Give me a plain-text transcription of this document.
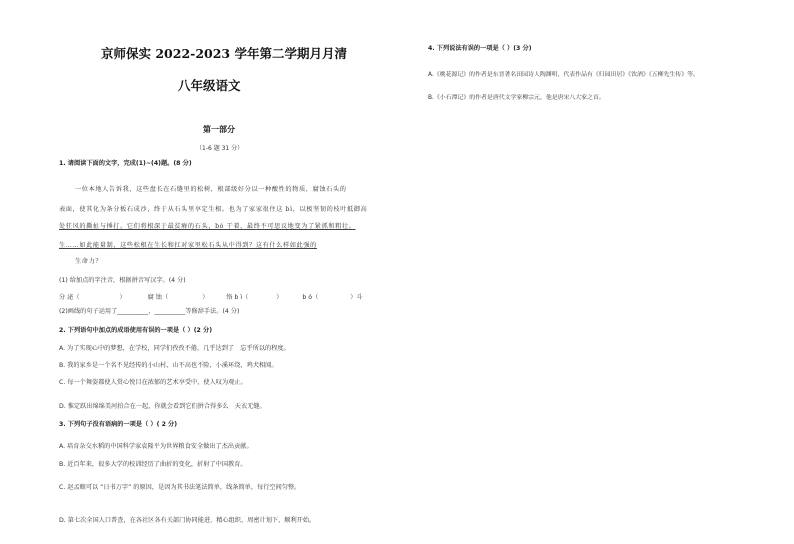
京师保实 2022-2023 学年第二学期月月清
八年级语文
第一部分
（1-6 题 31 分）
1. 请阅读下面的文字，完成(1)~(4)题。(8 分)
一位本地人告诉我，这些盘长在石缝里的松树，根部级好分以一种酸性的物质，腐蚀石头的
表面，使其化为条分板石成沙，终于从石头里享定生根。也为了家家很住这 bì，以极坚韧的枝叶抵御高
处狂风的撕扯与捶打。它们将根深于最贫瘠的石头，bó 干着，最终不可思议地变为了紧抓和粗壮。
生……如此能量制，这些松根在生长和扛对家里松石头从中得到？这有什么样如此强的
生命力？
(1) 给加点的字注音，根据拼音写汉字。(4 分)
分 泌（	）	腐 蚀（	）	络 b ì（	）	b ó（	）斗
(2)画线的句子运用了__________、__________等修辞手法。(4 分)
2. 下列语句中加点的成语使用有误的一项是（ ）(2 分)
A. 为了实现心中的梦想，在学校，同学们孜孜不倦，几乎达到了　忘乎所以的程度。
B. 我的家乡是一个名不见经传的小山村，山不高也不险，小溪环绕，鸡犬相闻。
C. 每一个舞姿都使人赏心悦目在浓郁的艺术享受中，使人叹为观止。
D. 惟定跃出绵绵美河拍合在一起，你就会看到它们拼合得多么　天衣无缝。
3. 下列句子没有语病的一项是（ ）( 2 分)
A. 培育杂交水稻的中国科学家袁隆平为世界粮食安全做出了杰出贡献。
B. 近百年来，很多大学的校训经历了曲折的变化，折射了中国教育。
C. 赵孟頫可以 “日书万字” 的原因，是因为其书法笔法简单，线条简单，每行空间匀整。
D. 第七次全国人口普查，在各社区各有关部门协同能进、精心组织、周密计划下，顺利开始。
4. 下列说法有误的一项是（ ）(3 分)
A.《桃花源记》的作者是东晋著名田园诗人陶渊明，代表作品有《归园田居》《饮酒》《五柳先生传》等。
B.《小石潭记》的作者是唐代文学家柳宗元，他是唐宋八大家之首。
